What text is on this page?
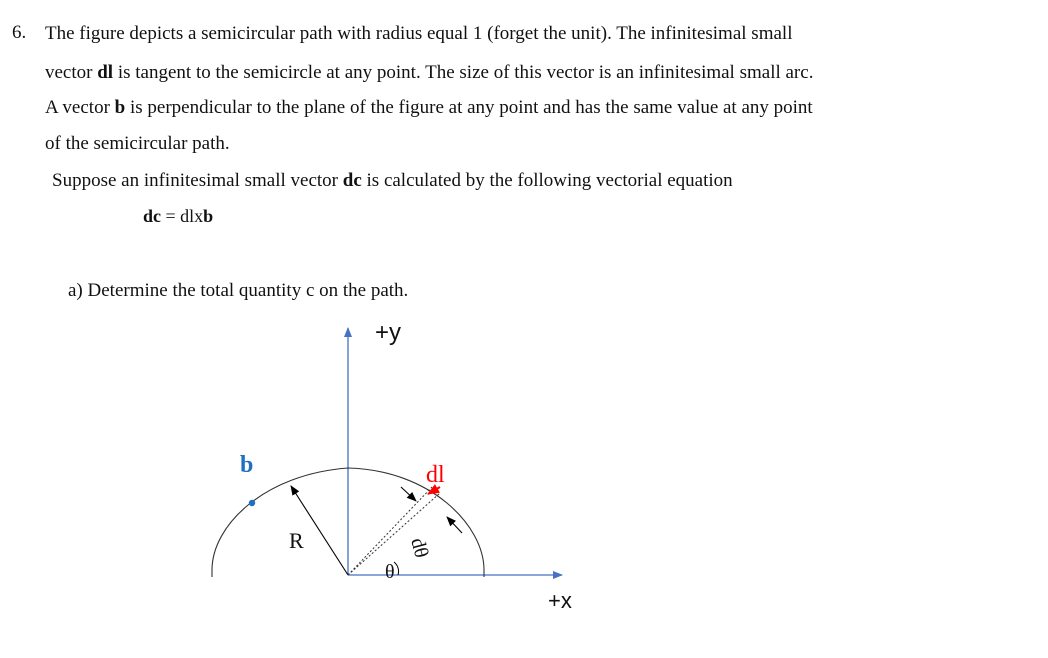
6. The figure depicts a semicircular path with radius equal 1 (forget the unit). The infinitesimal small
vector dl is tangent to the semicircle at any point. The size of this vector is an infinitesimal small arc.
A vector b is perpendicular to the plane of the figure at any point and has the same value at any point
of the semicircular path.
Suppose an infinitesimal small vector dc is calculated by the following vectorial equation
dc = dlxb
a) Determine the total quantity c on the path.
+y
+x
b	dl
R
θ
dθ
